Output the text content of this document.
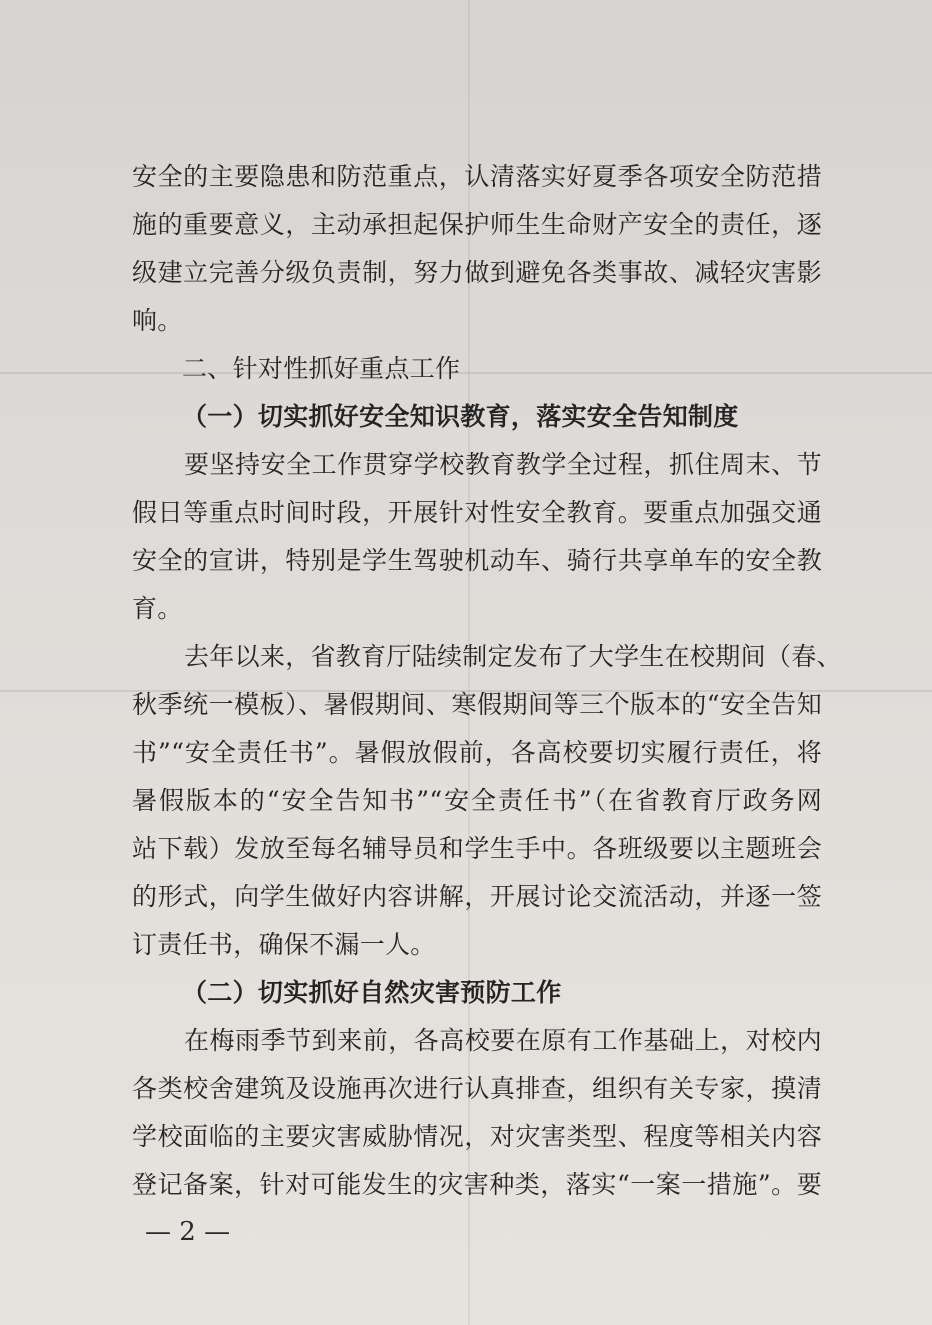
安全的主要隐患和防范重点，认清落实好夏季各项安全防范措
施的重要意义，主动承担起保护师生生命财产安全的责任，逐
级建立完善分级负责制，努力做到避免各类事故、减轻灾害影
响。
二、针对性抓好重点工作
（一）切实抓好安全知识教育，落实安全告知制度
要坚持安全工作贯穿学校教育教学全过程，抓住周末、节
假日等重点时间时段，开展针对性安全教育。要重点加强交通
安全的宣讲，特别是学生驾驶机动车、骑行共享单车的安全教
育。
去年以来，省教育厅陆续制定发布了大学生在校期间（春、
秋季统一模板）、暑假期间、寒假期间等三个版本的“安全告知
书”“安全责任书”。暑假放假前，各高校要切实履行责任，将
暑假版本的“安全告知书”“安全责任书”（在省教育厅政务网
站下载）发放至每名辅导员和学生手中。各班级要以主题班会
的形式，向学生做好内容讲解，开展讨论交流活动，并逐一签
订责任书，确保不漏一人。
（二）切实抓好自然灾害预防工作
在梅雨季节到来前，各高校要在原有工作基础上，对校内
各类校舍建筑及设施再次进行认真排查，组织有关专家，摸清
学校面临的主要灾害威胁情况，对灾害类型、程度等相关内容
登记备案，针对可能发生的灾害种类，落实“一案一措施”。要
— 2 —
